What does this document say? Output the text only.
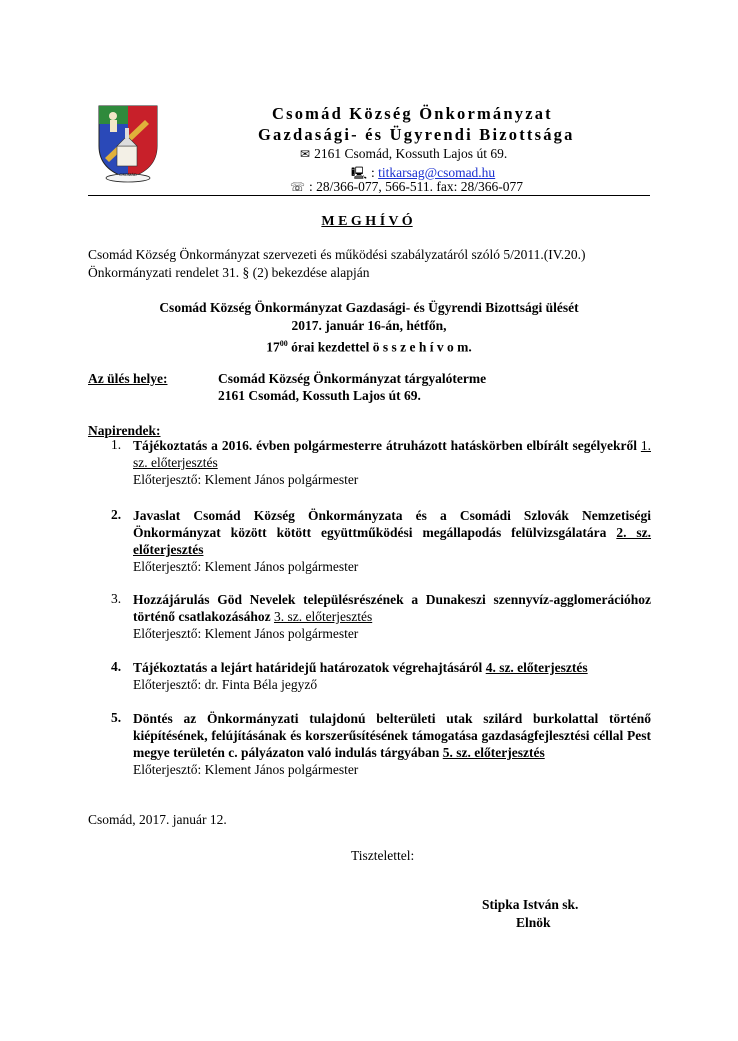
CSOMÁD
Csomád Község Önkormányzat
Gazdasági- és Ügyrendi Bizottsága
✉ 2161 Csomád, Kossuth Lajos út 69.
🖳 : titkarsag@csomad.hu
☏ : 28/366-077, 566-511. fax: 28/366-077
M E G H Í V Ó
Csomád Község Önkormányzat szervezeti és működési szabályzatáról szóló 5/2011.(IV.20.)
Önkormányzati rendelet 31. § (2) bekezdése alapján
Csomád Község Önkormányzat Gazdasági- és Ügyrendi Bizottsági ülését
2017. január 16-án, hétfőn,
$17^{00}$ órai kezdettel ö s s z e h í v o m.
Az ülés helye:	Csomád Község Önkormányzat tárgyalóterme
2161 Csomád, Kossuth Lajos út 69.
Napirendek:
1. Tájékoztatás a 2016. évben polgármesterre átruházott hatáskörben elbírált segélyekről 1. sz. előterjesztés
Előterjesztő: Klement János polgármester
2. Javaslat Csomád Község Önkormányzata és a Csomádi Szlovák Nemzetiségi Önkormányzat között kötött együttműködési megállapodás felülvizsgálatára 2. sz. előterjesztés
Előterjesztő: Klement János polgármester
3. Hozzájárulás Göd Nevelek településrészének a Dunakeszi szennyvíz-agglomerációhoz történő csatlakozásához 3. sz. előterjesztés
Előterjesztő: Klement János polgármester
4. Tájékoztatás a lejárt határidejű határozatok végrehajtásáról 4. sz. előterjesztés
Előterjesztő: dr. Finta Béla jegyző
5. Döntés az Önkormányzati tulajdonú belterületi utak szilárd burkolattal történő kiépítésének, felújításának és korszerűsítésének támogatása gazdaságfejlesztési céllal Pest megye területén c. pályázaton való indulás tárgyában 5. sz. előterjesztés
Előterjesztő: Klement János polgármester
Csomád, 2017. január 12.
Tisztelettel:
Stipka István sk.
Elnök
